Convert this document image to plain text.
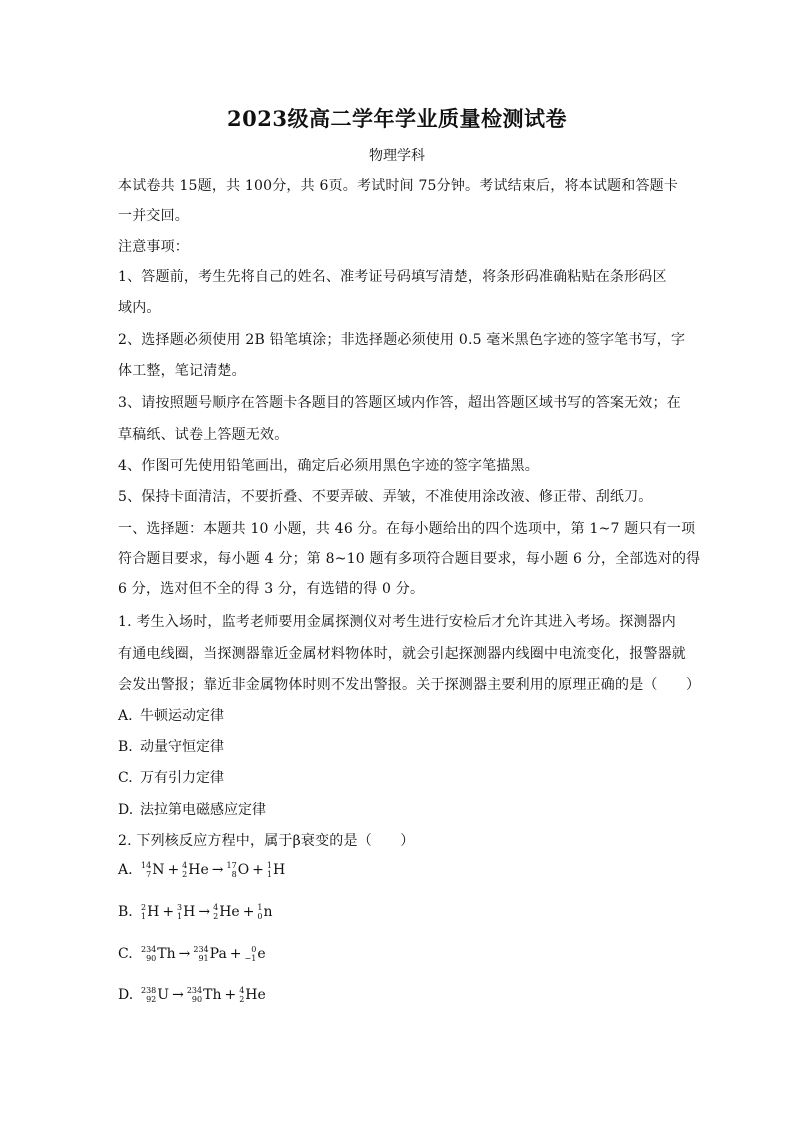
2023级高二学年学业质量检测试卷
物理学科
本试卷共 15题，共 100分，共 6页。考试时间 75分钟。考试结束后，将本试题和答题卡
一并交回。
注意事项：
1、答题前，考生先将自己的姓名、准考证号码填写清楚，将条形码准确粘贴在条形码区
域内。
2、选择题必须使用 2B 铅笔填涂；非选择题必须使用 0.5 毫米黑色字迹的签字笔书写，字
体工整，笔记清楚。
3、请按照题号顺序在答题卡各题目的答题区域内作答，超出答题区域书写的答案无效；在
草稿纸、试卷上答题无效。
4、作图可先使用铅笔画出，确定后必须用黑色字迹的签字笔描黑。
5、保持卡面清洁，不要折叠、不要弄破、弄皱，不准使用涂改液、修正带、刮纸刀。
一、选择题：本题共 10 小题，共 46 分。在每小题给出的四个选项中，第 1~7 题只有一项
符合题目要求，每小题 4 分；第 8~10 题有多项符合题目要求，每小题 6 分，全部选对的得
6 分，选对但不全的得 3 分，有选错的得 0 分。
1. 考生入场时，监考老师要用金属探测仪对考生进行安检后才允许其进入考场。探测器内
有通电线圈，当探测器靠近金属材料物体时，就会引起探测器内线圈中电流变化，报警器就
会发出警报；靠近非金属物体时则不发出警报。关于探测器主要利用的原理正确的是（　　）
A. 牛顿运动定律
B. 动量守恒定律
C. 万有引力定律
D. 法拉第电磁感应定律
2. 下列核反应方程中，属于β衰变的是（　　）
A. 14
7 N + 4
2 He → 17
8 O + 1
1 H
B. 2
1 H + 3
1 H → 4
2 He + 1
0 n
C. 234
90 Th → 234
91 Pa + 0
−1 e
D. 238
92 U → 234
90 Th + 4
2 He
